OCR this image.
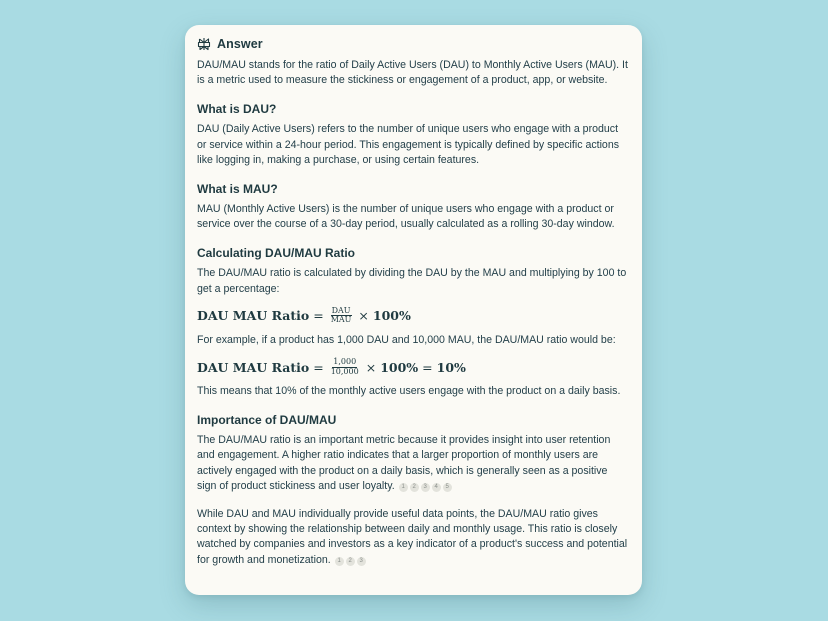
Answer

DAU/MAU stands for the ratio of Daily Active Users (DAU) to Monthly Active Users (MAU). It is a metric used to measure the stickiness or engagement of a product, app, or website.

What is DAU?

DAU (Daily Active Users) refers to the number of unique users who engage with a product or service within a 24-hour period. This engagement is typically defined by specific actions like logging in, making a purchase, or using certain features.

What is MAU?

MAU (Monthly Active Users) is the number of unique users who engage with a product or service over the course of a 30-day period, usually calculated as a rolling 30-day window.

Calculating DAU/MAU Ratio

The DAU/MAU ratio is calculated by dividing the DAU by the MAU and multiplying by 100 to get a percentage:

DAU MAU Ratio = $\frac{\text{DAU}}{\text{MAU}} \times 100\%$

For example, if a product has 1,000 DAU and 10,000 MAU, the DAU/MAU ratio would be:

DAU MAU Ratio = $\frac{1,000}{10,000} \times 100\% = 10\%$

This means that 10% of the monthly active users engage with the product on a daily basis.

Importance of DAU/MAU

The DAU/MAU ratio is an important metric because it provides insight into user retention and engagement. A higher ratio indicates that a larger proportion of monthly users are actively engaged with the product on a daily basis, which is generally seen as a positive sign of product stickiness and user loyalty. 1 2 3 4 5

While DAU and MAU individually provide useful data points, the DAU/MAU ratio gives context by showing the relationship between daily and monthly usage. This ratio is closely watched by companies and investors as a key indicator of a product's success and potential for growth and monetization. 1 2 3
